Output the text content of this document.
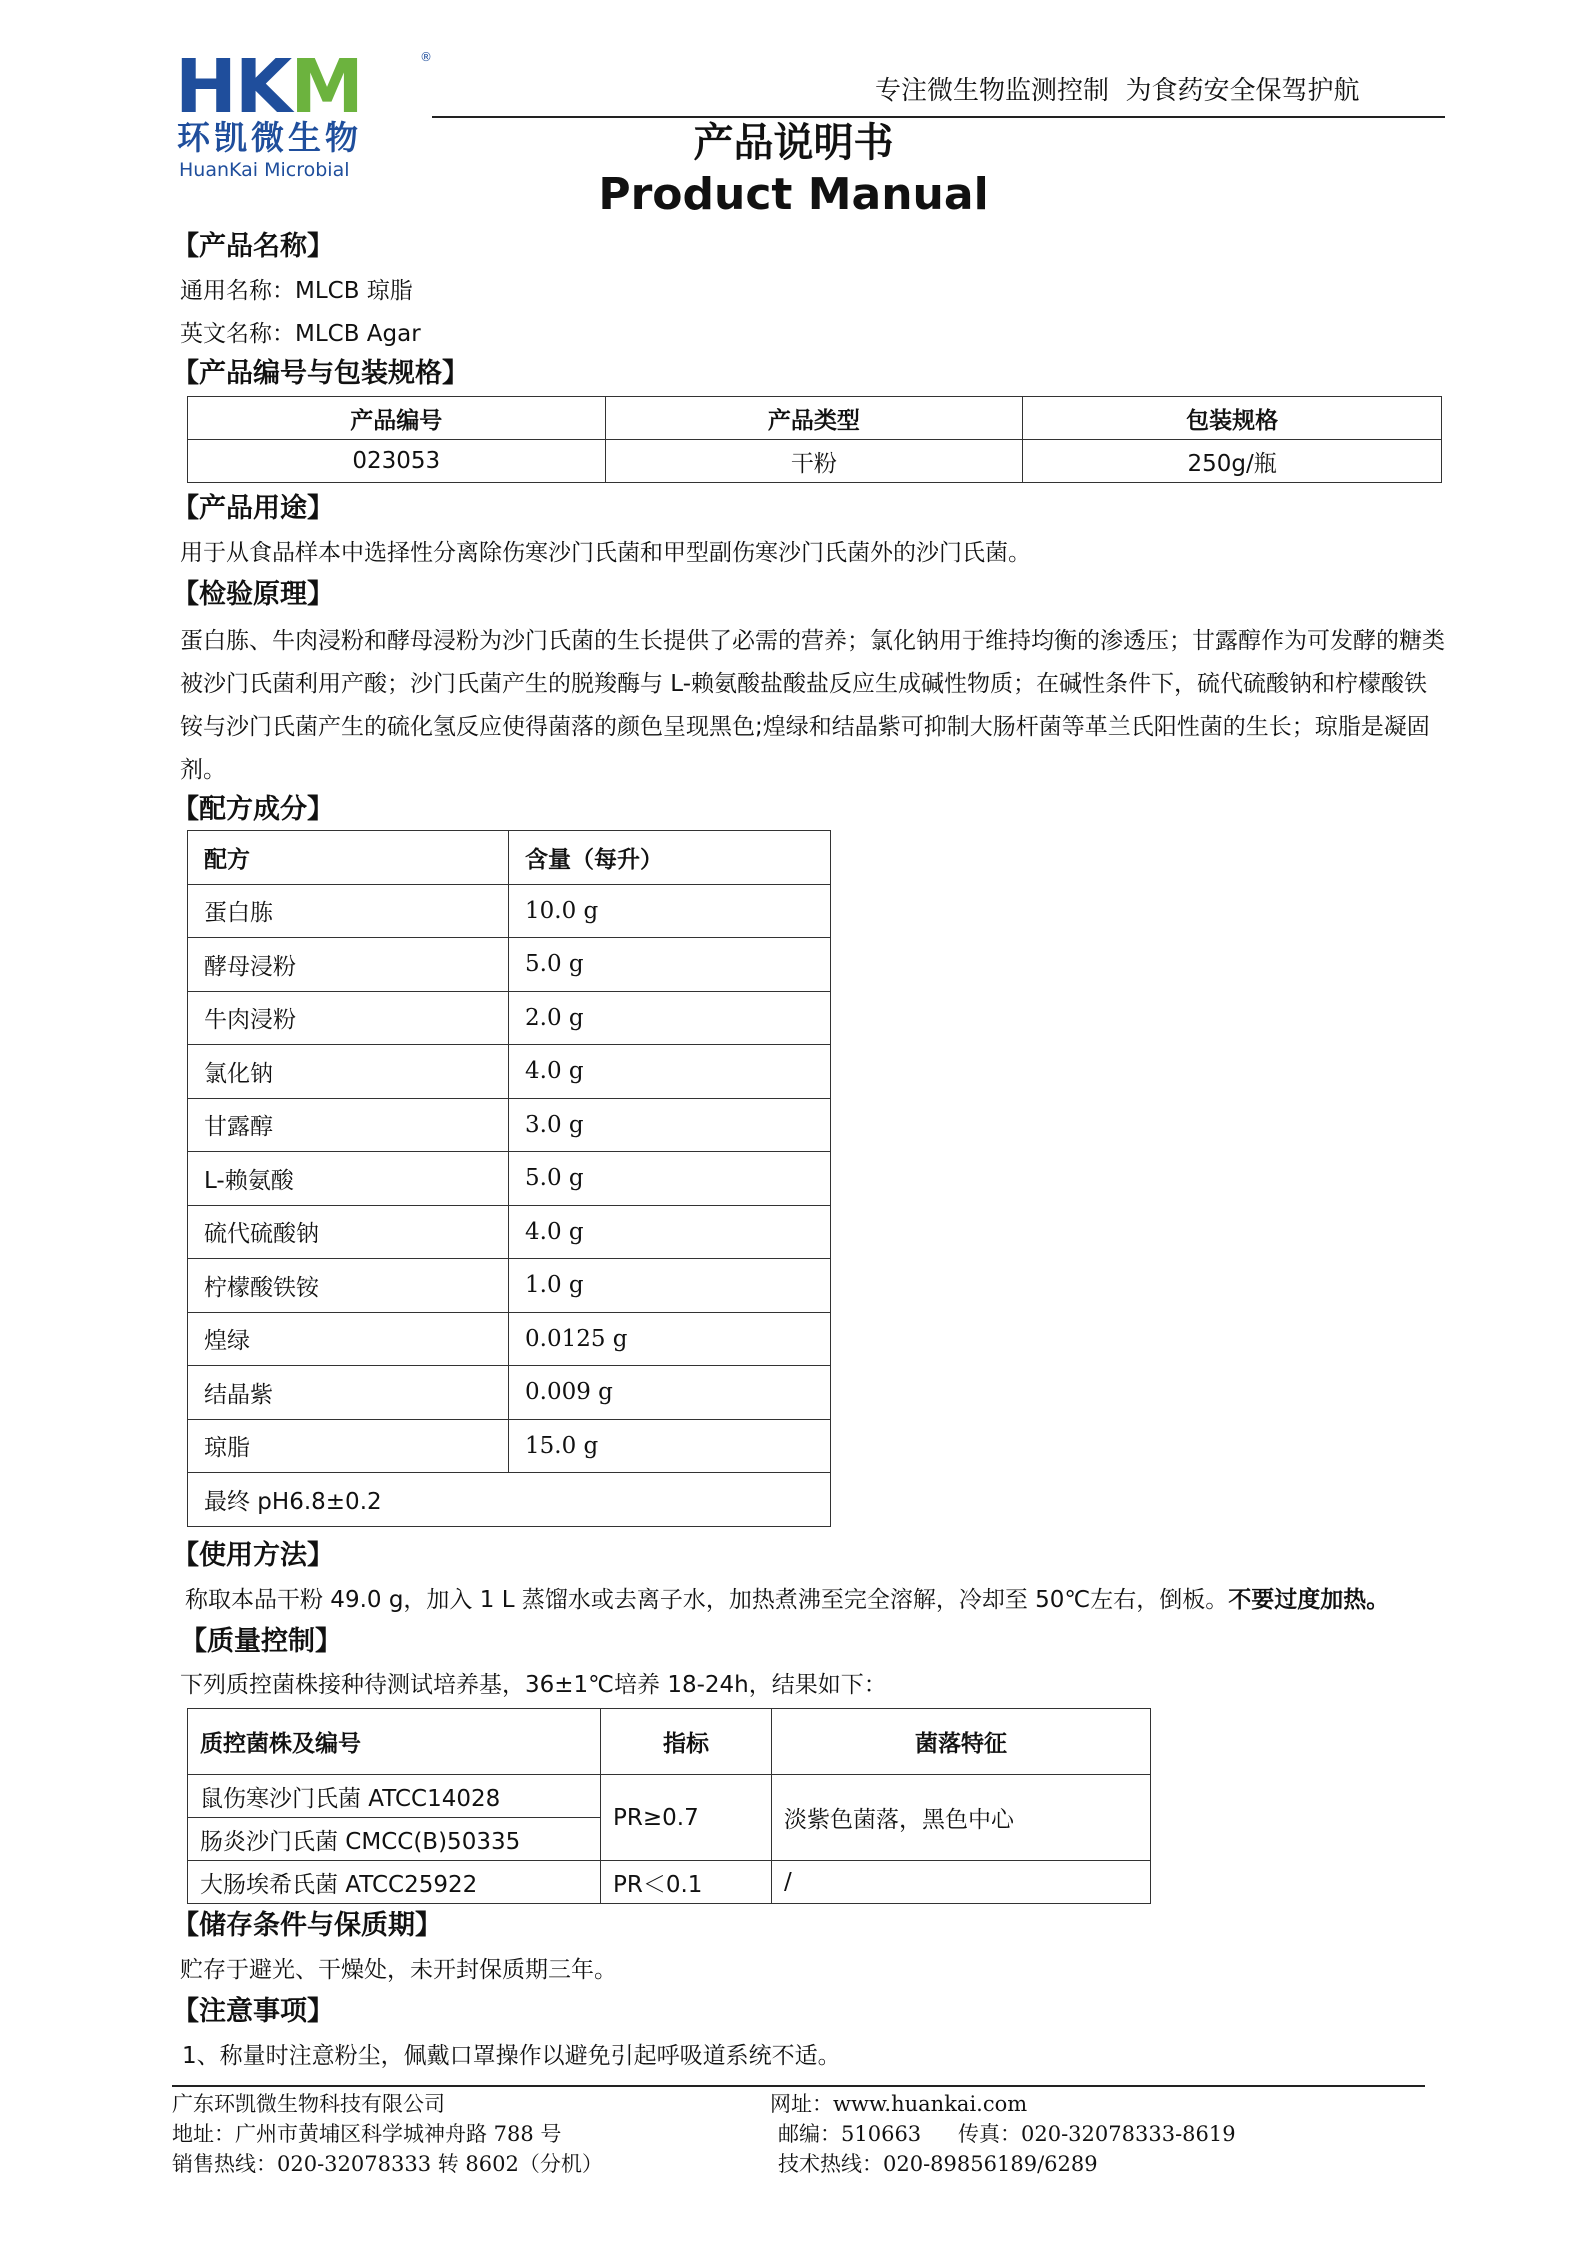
HKM	®
环凯微生物
HuanKai Microbial
专注微生物监测控制  为食药安全保驾护航
产品说明书
Product Manual
【产品名称】
通用名称：MLCB 琼脂
英文名称：MLCB Agar
【产品编号与包装规格】
产品编号	产品类型	包装规格
023053	干粉	250g/瓶
【产品用途】
用于从食品样本中选择性分离除伤寒沙门氏菌和甲型副伤寒沙门氏菌外的沙门氏菌。
【检验原理】
蛋白胨、牛肉浸粉和酵母浸粉为沙门氏菌的生长提供了必需的营养；氯化钠用于维持均衡的渗透压；甘露醇作为可发酵的糖类被沙门氏菌利用产酸；沙门氏菌产生的脱羧酶与 L-赖氨酸盐酸盐反应生成碱性物质；在碱性条件下，硫代硫酸钠和柠檬酸铁铵与沙门氏菌产生的硫化氢反应使得菌落的颜色呈现黑色;煌绿和结晶紫可抑制大肠杆菌等革兰氏阳性菌的生长；琼脂是凝固剂。
【配方成分】
配方	含量（每升）
蛋白胨	10.0 g
酵母浸粉	5.0 g
牛肉浸粉	2.0 g
氯化钠	4.0 g
甘露醇	3.0 g
L-赖氨酸	5.0 g
硫代硫酸钠	4.0 g
柠檬酸铁铵	1.0 g
煌绿	0.0125 g
结晶紫	0.009 g
琼脂	15.0 g
最终 pH6.8±0.2	
【使用方法】
称取本品干粉 49.0 g，加入 1 L 蒸馏水或去离子水，加热煮沸至完全溶解，冷却至 50℃左右，倒板。不要过度加热。
【质量控制】
下列质控菌株接种待测试培养基，36±1℃培养 18-24h，结果如下：
质控菌株及编号	指标	菌落特征
鼠伤寒沙门氏菌 ATCC14028	PR≥0.7	淡紫色菌落，黑色中心
肠炎沙门氏菌 CMCC(B)50335		
大肠埃希氏菌 ATCC25922	PR＜0.1	/
【储存条件与保质期】
贮存于避光、干燥处，未开封保质期三年。
【注意事项】
1、称量时注意粉尘，佩戴口罩操作以避免引起呼吸道系统不适。
广东环凯微生物科技有限公司
地址：广州市黄埔区科学城神舟路 788 号
销售热线：020-32078333 转 8602（分机）
网址：www.huankai.com
邮编：510663 传真：020-32078333-8619
技术热线：020-89856189/6289
